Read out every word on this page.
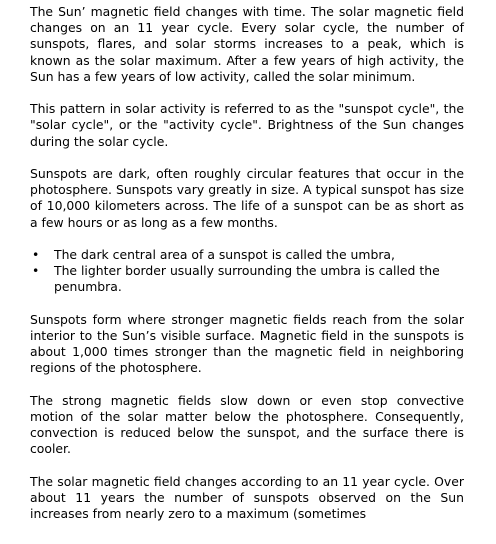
The Sun’ magnetic field changes with time. The solar magnetic field changes on an 11 year cycle. Every solar cycle, the number of sunspots, flares, and solar storms increases to a peak, which is known as the solar maximum. After a few years of high activity, the Sun has a few years of low activity, called the solar minimum.

This pattern in solar activity is referred to as the "sunspot cycle", the "solar cycle", or the "activity cycle". Brightness of the Sun changes during the solar cycle.

Sunspots are dark, often roughly circular features that occur in the photosphere. Sunspots vary greatly in size. A typical sunspot has size of 10,000 kilometers across. The life of a sunspot can be as short as a few hours or as long as a few months.

• The dark central area of a sunspot is called the umbra,
• The lighter border usually surrounding the umbra is called the penumbra.

Sunspots form where stronger magnetic fields reach from the solar interior to the Sun’s visible surface. Magnetic field in the sunspots is about 1,000 times stronger than the magnetic field in neighboring regions of the photosphere.

The strong magnetic fields slow down or even stop convective motion of the solar matter below the photosphere. Consequently, convection is reduced below the sunspot, and the surface there is cooler.

The solar magnetic field changes according to an 11 year cycle. Over about 11 years the number of sunspots observed on the Sun increases from nearly zero to a maximum (sometimes
